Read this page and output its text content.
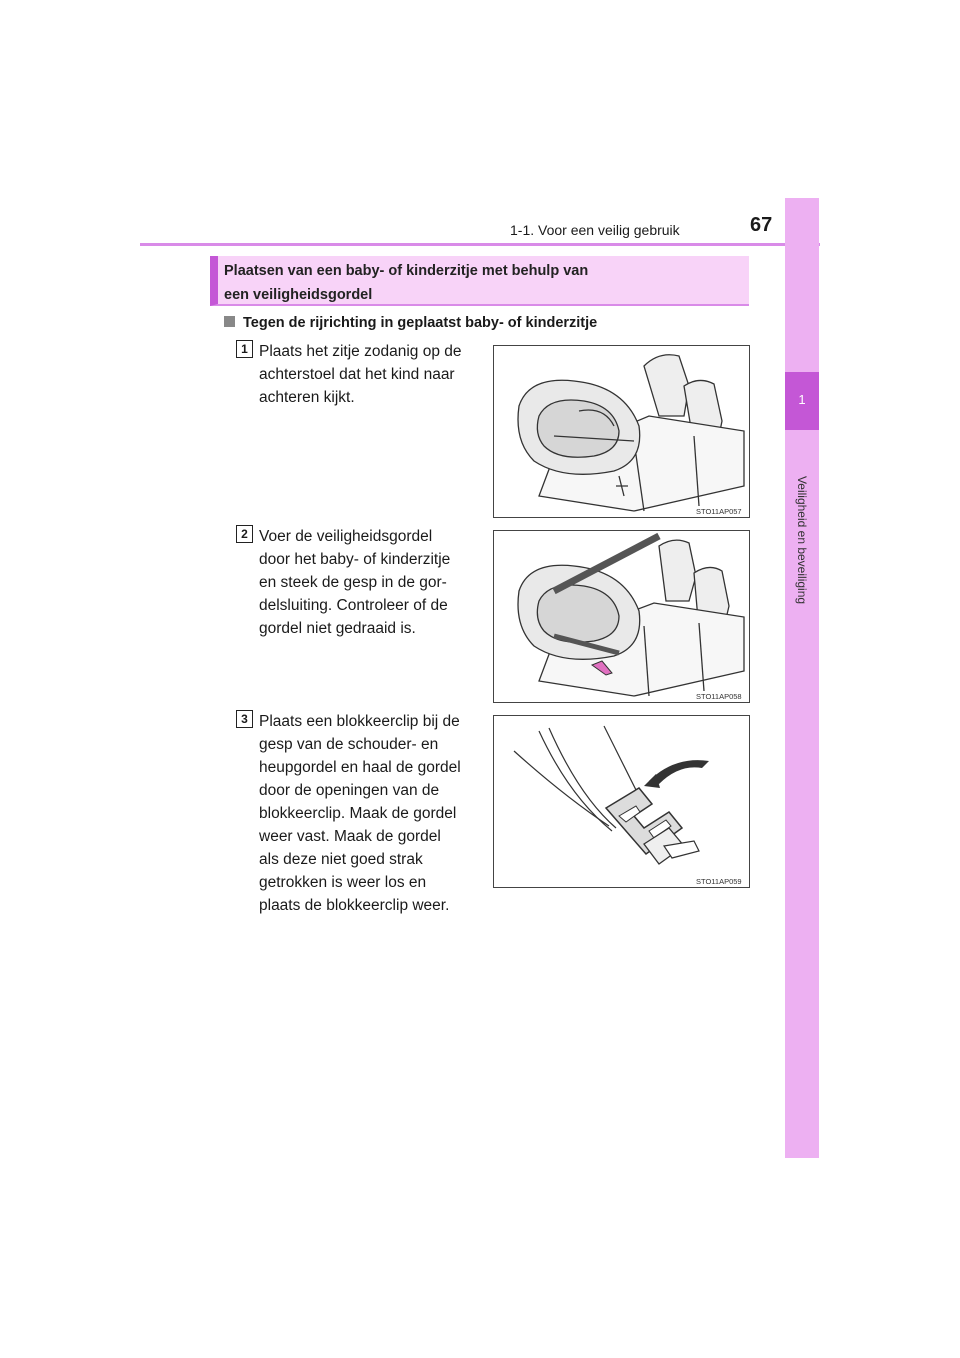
1-1. Voor een veilig gebruik	67
1
Veiligheid en beveiliging
Plaatsen van een baby- of kinderzitje met behulp van
een veiligheidsgordel
Tegen de rijrichting in geplaatst baby- of kinderzitje
1 Plaats het zitje zodanig op de
achterstoel dat het kind naar
achteren kijkt.
STO11AP057
2 Voer de veiligheidsgordel
door het baby- of kinderzitje
en steek de gesp in de gor-
delsluiting. Controleer of de
gordel niet gedraaid is.
STO11AP058
3 Plaats een blokkeerclip bij de
gesp van de schouder- en
heupgordel en haal de gordel
door de openingen van de
blokkeerclip. Maak de gordel
weer vast. Maak de gordel
als deze niet goed strak
getrokken is weer los en
plaats de blokkeerclip weer.
STO11AP059
